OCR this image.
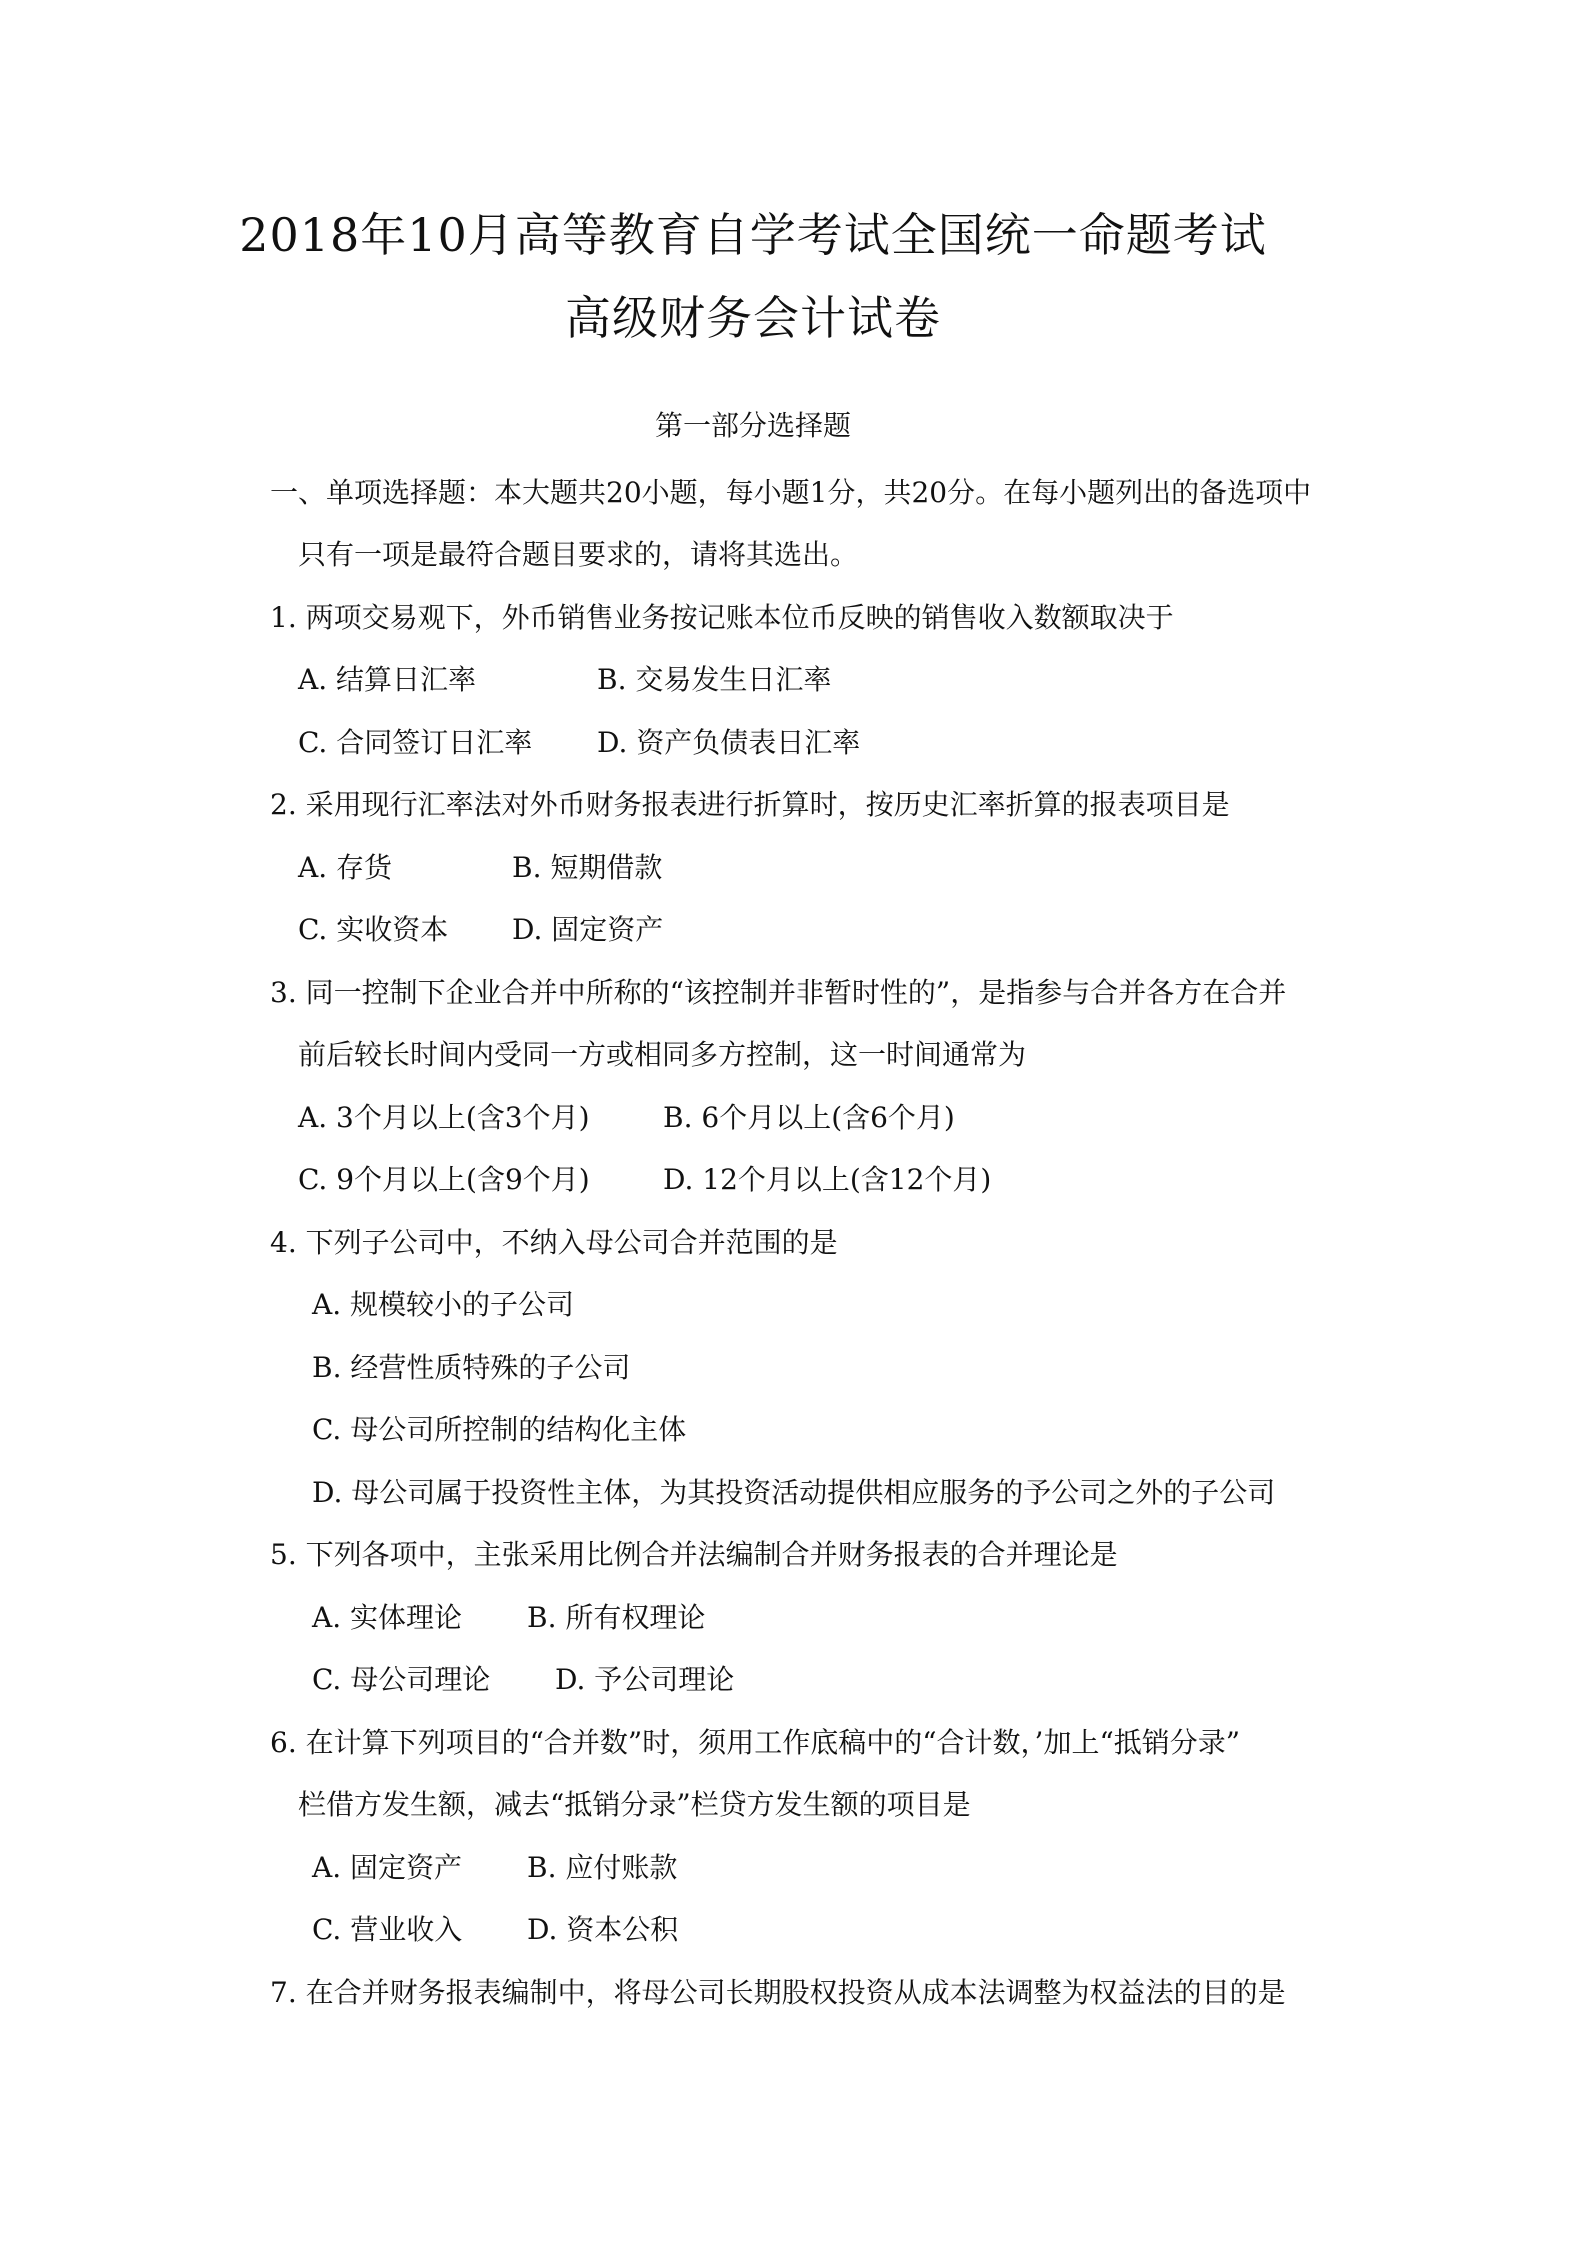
2018年10月高等教育自学考试全国统一命题考试
高级财务会计试卷
第一部分选择题
一、单项选择题：本大题共20小题，每小题1分，共20分。在每小题列出的备选项中
只有一项是最符合题目要求的，请将其选出。
1. 两项交易观下，外币销售业务按记账本位币反映的销售收入数额取决于
A. 结算日汇率	B. 交易发生日汇率
C. 合同签订日汇率 D. 资产负债表日汇率
2. 采用现行汇率法对外币财务报表进行折算时，按历史汇率折算的报表项目是
A. 存货	B. 短期借款
C. 实收资本 D. 固定资产
3. 同一控制下企业合并中所称的“该控制并非暂时性的”，是指参与合并各方在合并
前后较长时间内受同一方或相同多方控制，这一时间通常为
A. 3个月以上(含3个月)	B. 6个月以上(含6个月)
C. 9个月以上(含9个月)	D. 12个月以上(含12个月)
4. 下列子公司中，不纳入母公司合并范围的是
A. 规模较小的子公司
B. 经营性质特殊的子公司
C. 母公司所控制的结构化主体
D. 母公司属于投资性主体，为其投资活动提供相应服务的予公司之外的子公司
5. 下列各项中，主张采用比例合并法编制合并财务报表的合并理论是
A. 实体理论 B. 所有权理论
C. 母公司理论 D. 予公司理论
6. 在计算下列项目的“合并数”时，须用工作底稿中的“合计数，’加上“抵销分录”
栏借方发生额，减去“抵销分录”栏贷方发生额的项目是
A. 固定资产 B. 应付账款
C. 营业收入 D. 资本公积
7. 在合并财务报表编制中，将母公司长期股权投资从成本法调整为权益法的目的是
